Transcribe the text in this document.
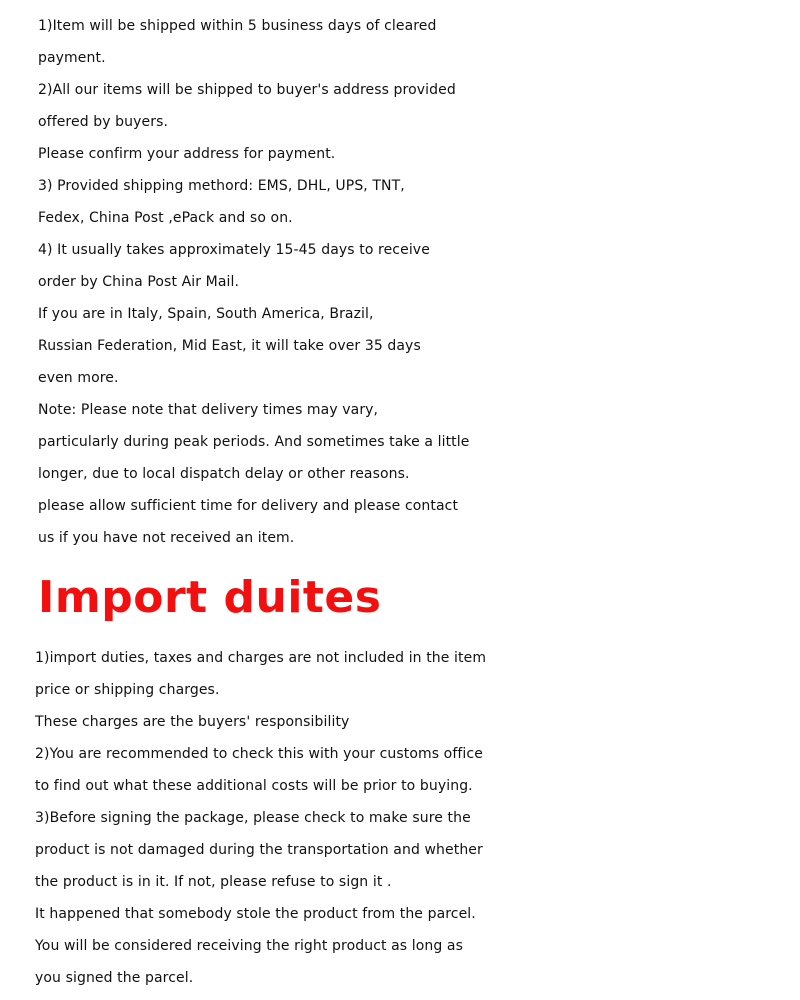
1)Item will be shipped within 5 business days of cleared
payment.
2)All our items will be shipped to buyer's address provided
offered by buyers.
Please confirm your address for payment.
3) Provided shipping methord: EMS, DHL, UPS, TNT,
Fedex, China Post ,ePack and so on.
4) It usually takes approximately 15-45 days to receive
order by China Post Air Mail.
If you are in Italy, Spain, South America, Brazil,
Russian Federation, Mid East, it will take over 35 days
even more.
Note: Please note that delivery times may vary,
particularly during peak periods. And sometimes take a little
longer, due to local dispatch delay or other reasons.
please allow sufficient time for delivery and please contact
us if you have not received an item.
Import duites
1)import duties, taxes and charges are not included in the item
price or shipping charges.
These charges are the buyers' responsibility
2)You are recommended to check this with your customs office
to find out what these additional costs will be prior to buying.
3)Before signing the package, please check to make sure the
product is not damaged during the transportation and whether
the product is in it. If not, please refuse to sign it .
It happened that somebody stole the product from the parcel.
You will be considered receiving the right product as long as
you signed the parcel.
